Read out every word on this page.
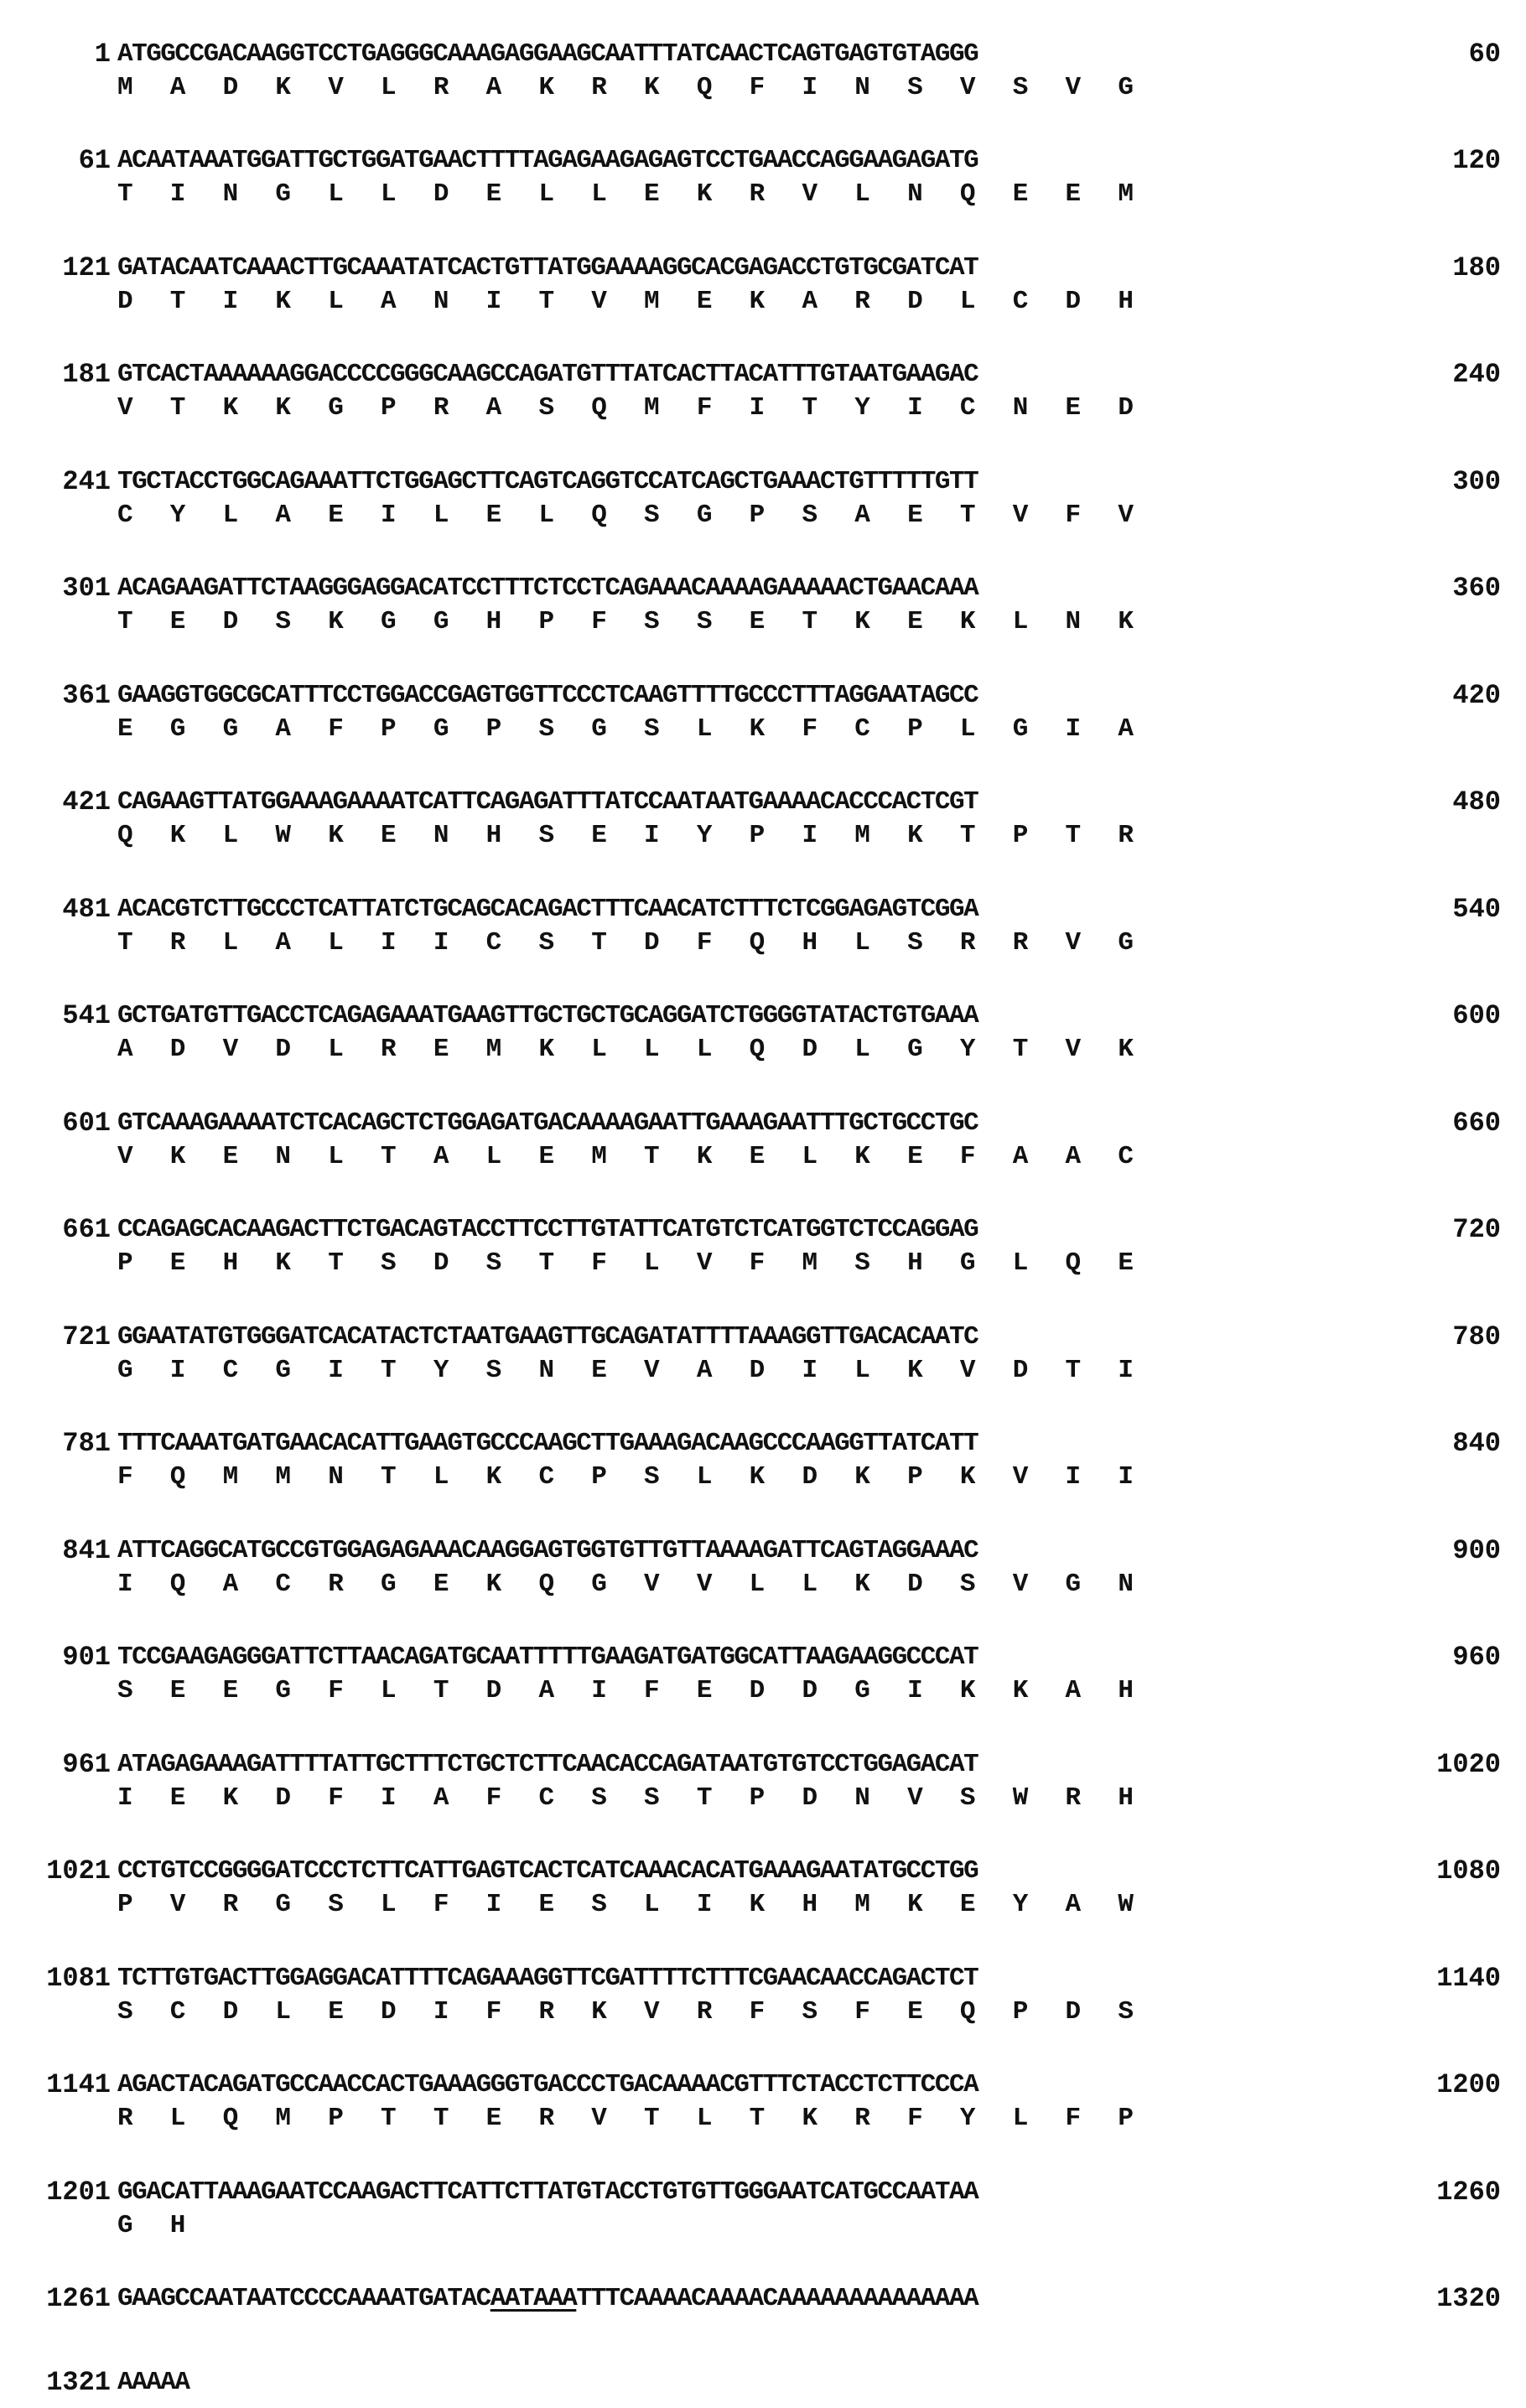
1 ATGGCCGACAAGGTCCTGAGGGCAAAGAGGAAGCAATTTATCAACTCAGTGAGTGTAGGG	60
M A D K V L R A K R K Q F I N S V S V G
61 ACAATAAATGGATTGCTGGATGAACTTTTAGAGAAGAGAGTCCTGAACCAGGAAGAGATG	120
T I N G L L D E L L E K R V L N Q E E M
121 GATACAATCAAACTTGCAAATATCACTGTTATGGAAAAGGCACGAGACCTGTGCGATCAT	180
D T I K L A N I T V M E K A R D L C D H
181 GTCACTAAAAAAGGACCCCGGGCAAGCCAGATGTTTATCACTTACATTTGTAATGAAGAC	240
V T K K G P R A S Q M F I T Y I C N E D
241 TGCTACCTGGCAGAAATTCTGGAGCTTCAGTCAGGTCCATCAGCTGAAACTGTTTTTGTT	300
C Y L A E I L E L Q S G P S A E T V F V
301 ACAGAAGATTCTAAGGGAGGACATCCTTTCTCCTCAGAAACAAAAGAAAAACTGAACAAA	360
T E D S K G G H P F S S E T K E K L N K
361 GAAGGTGGCGCATTTCCTGGACCGAGTGGTTCCCTCAAGTTTTGCCCTTTAGGAATAGCC	420
E G G A F P G P S G S L K F C P L G I A
421 CAGAAGTTATGGAAAGAAAATCATTCAGAGATTTATCCAATAATGAAAACACCCACTCGT	480
Q K L W K E N H S E I Y P I M K T P T R
481 ACACGTCTTGCCCTCATTATCTGCAGCACAGACTTTCAACATCTTTCTCGGAGAGTCGGA	540
T R L A L I I C S T D F Q H L S R R V G
541 GCTGATGTTGACCTCAGAGAAATGAAGTTGCTGCTGCAGGATCTGGGGTATACTGTGAAA	600
A D V D L R E M K L L L Q D L G Y T V K
601 GTCAAAGAAAATCTCACAGCTCTGGAGATGACAAAAGAATTGAAAGAATTTGCTGCCTGC	660
V K E N L T A L E M T K E L K E F A A C
661 CCAGAGCACAAGACTTCTGACAGTACCTTCCTTGTATTCATGTCTCATGGTCTCCAGGAG	720
P E H K T S D S T F L V F M S H G L Q E
721 GGAATATGTGGGATCACATACTCTAATGAAGTTGCAGATATTTTAAAGGTTGACACAATC	780
G I C G I T Y S N E V A D I L K V D T I
781 TTTCAAATGATGAACACATTGAAGTGCCCAAGCTTGAAAGACAAGCCCAAGGTTATCATT	840
F Q M M N T L K C P S L K D K P K V I I
841 ATTCAGGCATGCCGTGGAGAGAAACAAGGAGTGGTGTTGTTAAAAGATTCAGTAGGAAAC	900
I Q A C R G E K Q G V V L L K D S V G N
901 TCCGAAGAGGGATTCTTAACAGATGCAATTTTTGAAGATGATGGCATTAAGAAGGCCCAT	960
S E E G F L T D A I F E D D G I K K A H
961 ATAGAGAAAGATTTTATTGCTTTCTGCTCTTCAACACCAGATAATGTGTCCTGGAGACAT	1020
I E K D F I A F C S S T P D N V S W R H
1021 CCTGTCCGGGGATCCCTCTTCATTGAGTCACTCATCAAACACATGAAAGAATATGCCTGG	1080
P V R G S L F I E S L I K H M K E Y A W
1081 TCTTGTGACTTGGAGGACATTTTCAGAAAGGTTCGATTTTCTTTCGAACAACCAGACTCT	1140
S C D L E D I F R K V R F S F E Q P D S
1141 AGACTACAGATGCCAACCACTGAAAGGGTGACCCTGACAAAACGTTTCTACCTCTTCCCA	1200
R L Q M P T T E R V T L T K R F Y L F P
1201 GGACATTAAAGAATCCAAGACTTCATTCTTATGTACCTGTGTTGGGAATCATGCCAATAA	1260
G H
1261 GAAGCCAATAATCCCCAAAATGATACAATAAATTTCAAAACAAAACAAAAAAAAAAAAAA	1320
1321 AAAAA
